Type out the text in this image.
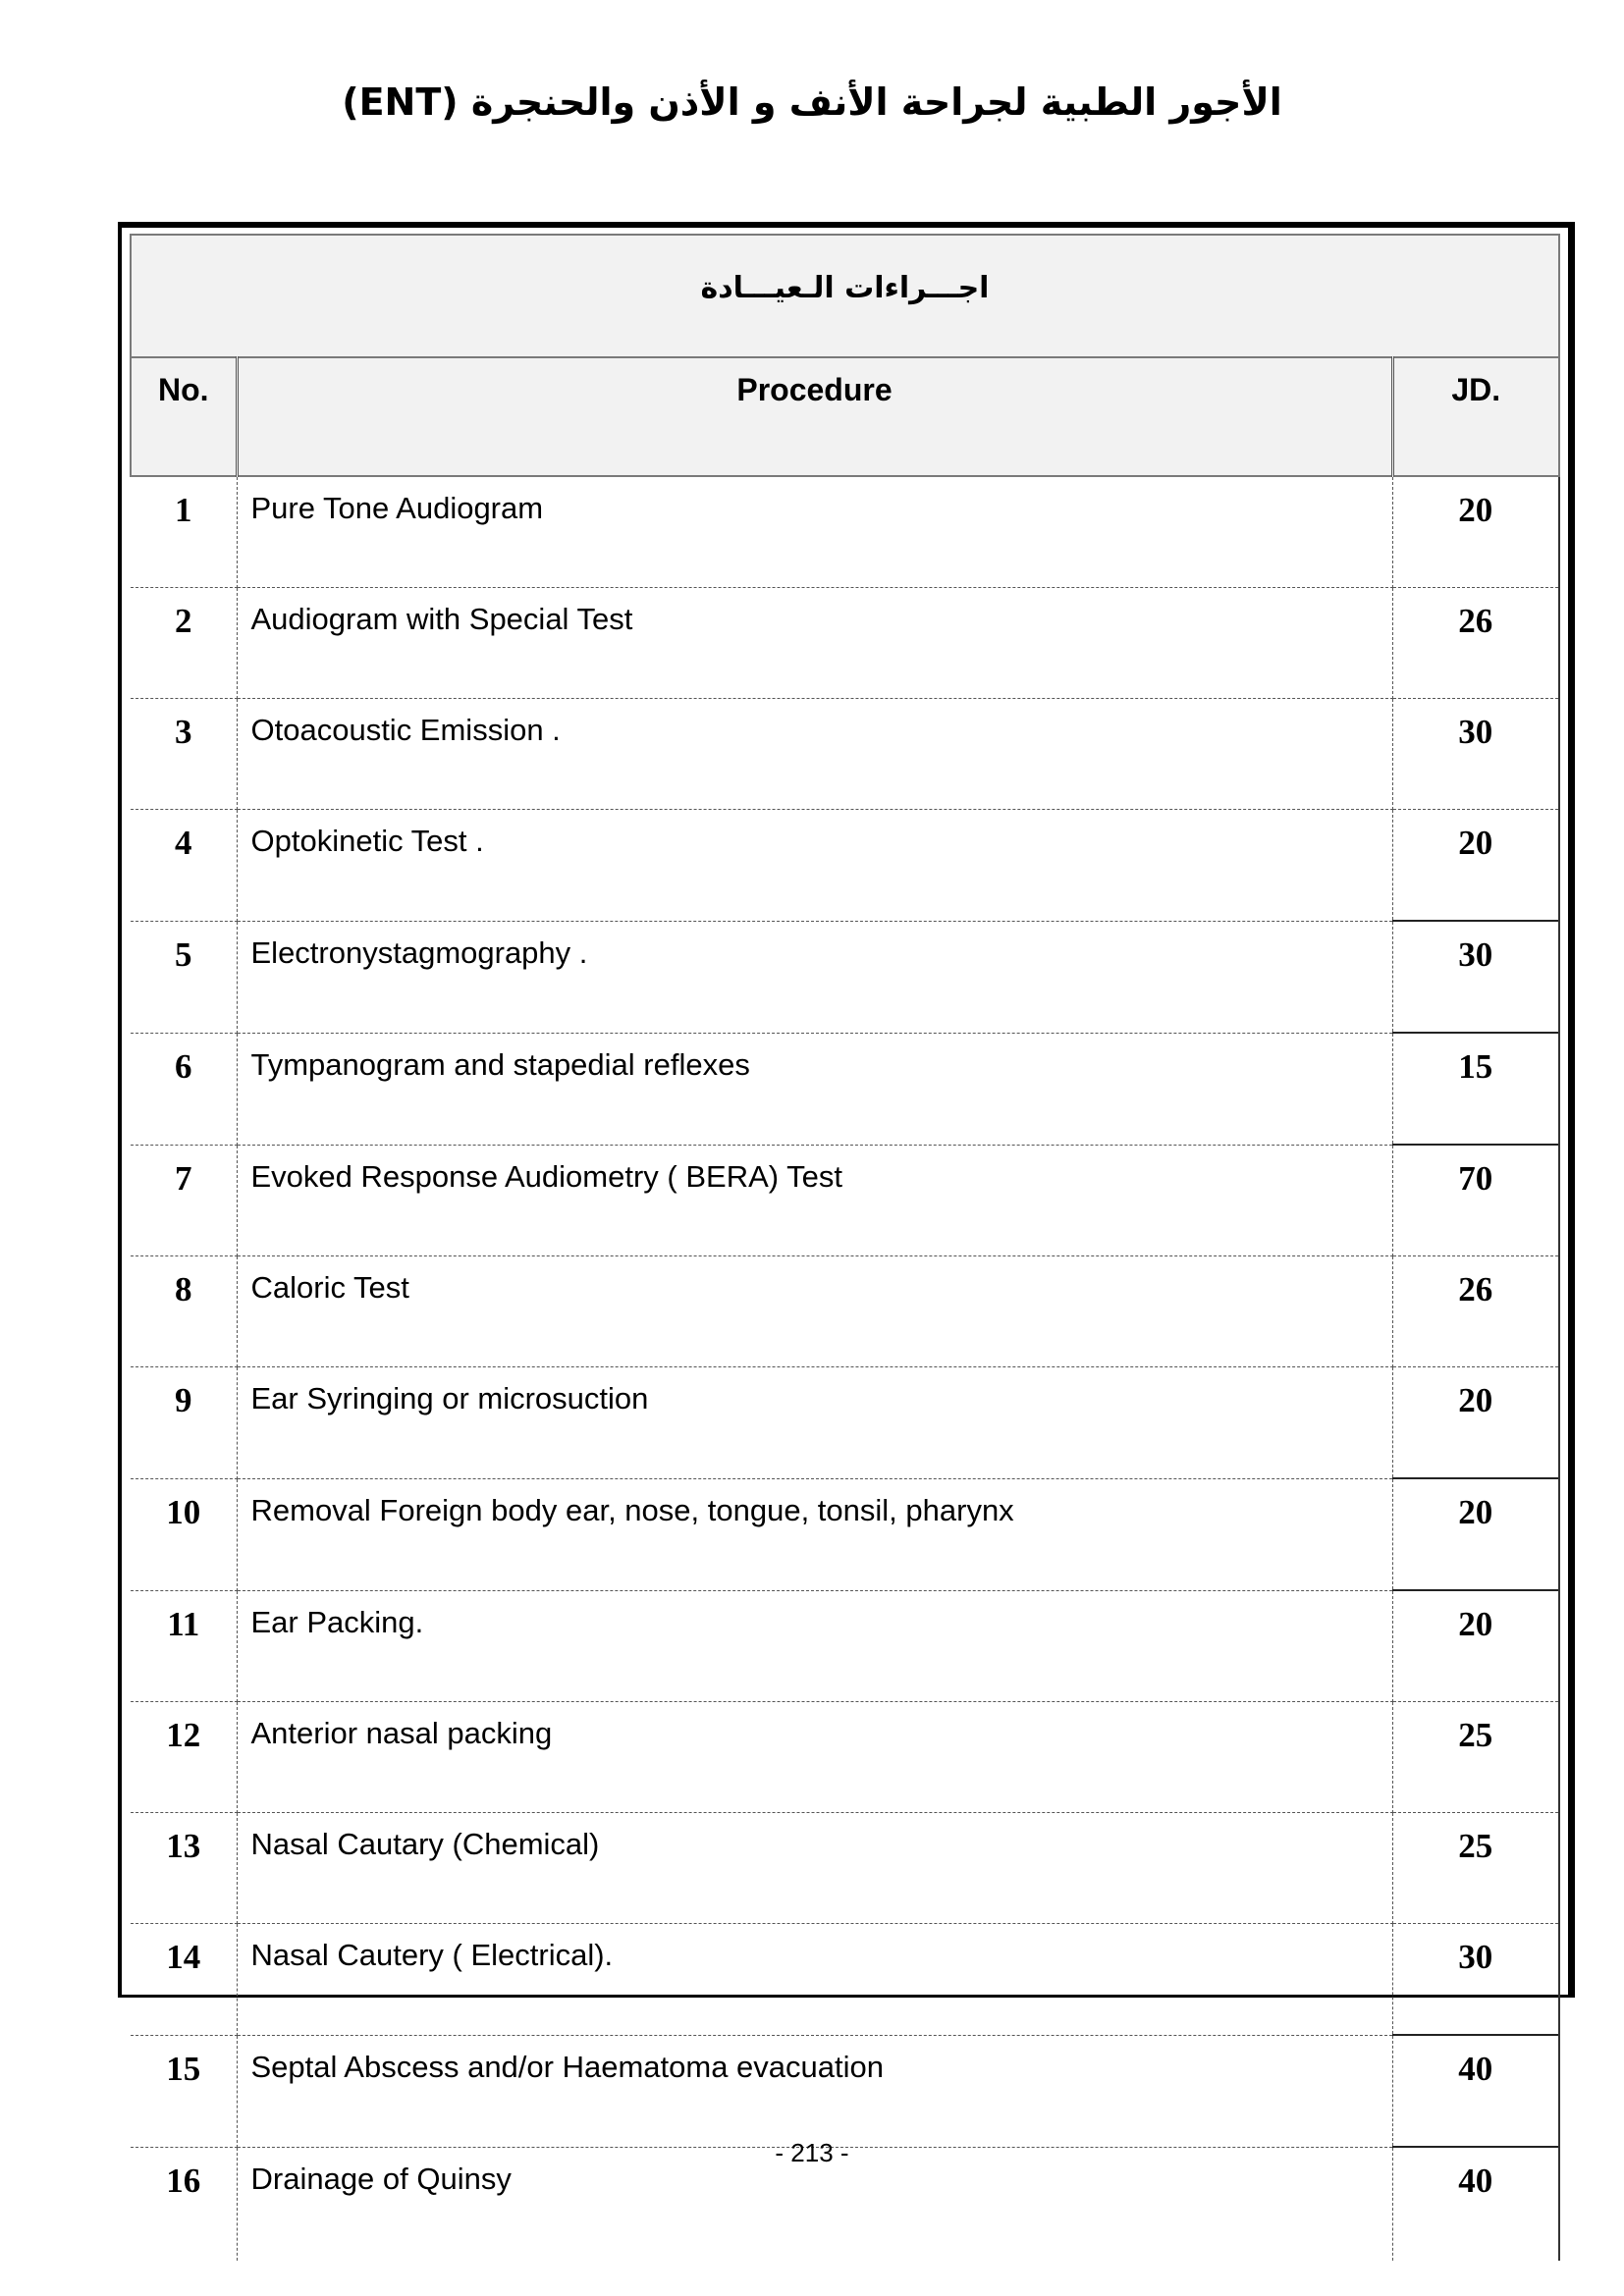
الأجور الطبية لجراحة الأنف و الأذن والحنجرة (ENT)
اجـــراءات الـعيـــادة		
No.	Procedure	JD.
1	Pure Tone Audiogram	20
2	Audiogram with Special Test	26
3	Otoacoustic Emission .	30
4	Optokinetic Test .	20
5	Electronystagmography .	30
6	Tympanogram and stapedial reflexes	15
7	Evoked Response Audiometry ( BERA) Test	70
8	Caloric Test	26
9	Ear Syringing or microsuction	20
10	Removal Foreign body ear, nose, tongue, tonsil, pharynx	20
11	Ear Packing.	20
12	Anterior nasal packing	25
13	Nasal Cautary (Chemical)	25
14	Nasal Cautery ( Electrical).	30
15	Septal Abscess and/or Haematoma evacuation	40
16	Drainage of Quinsy	40
- 213 -
